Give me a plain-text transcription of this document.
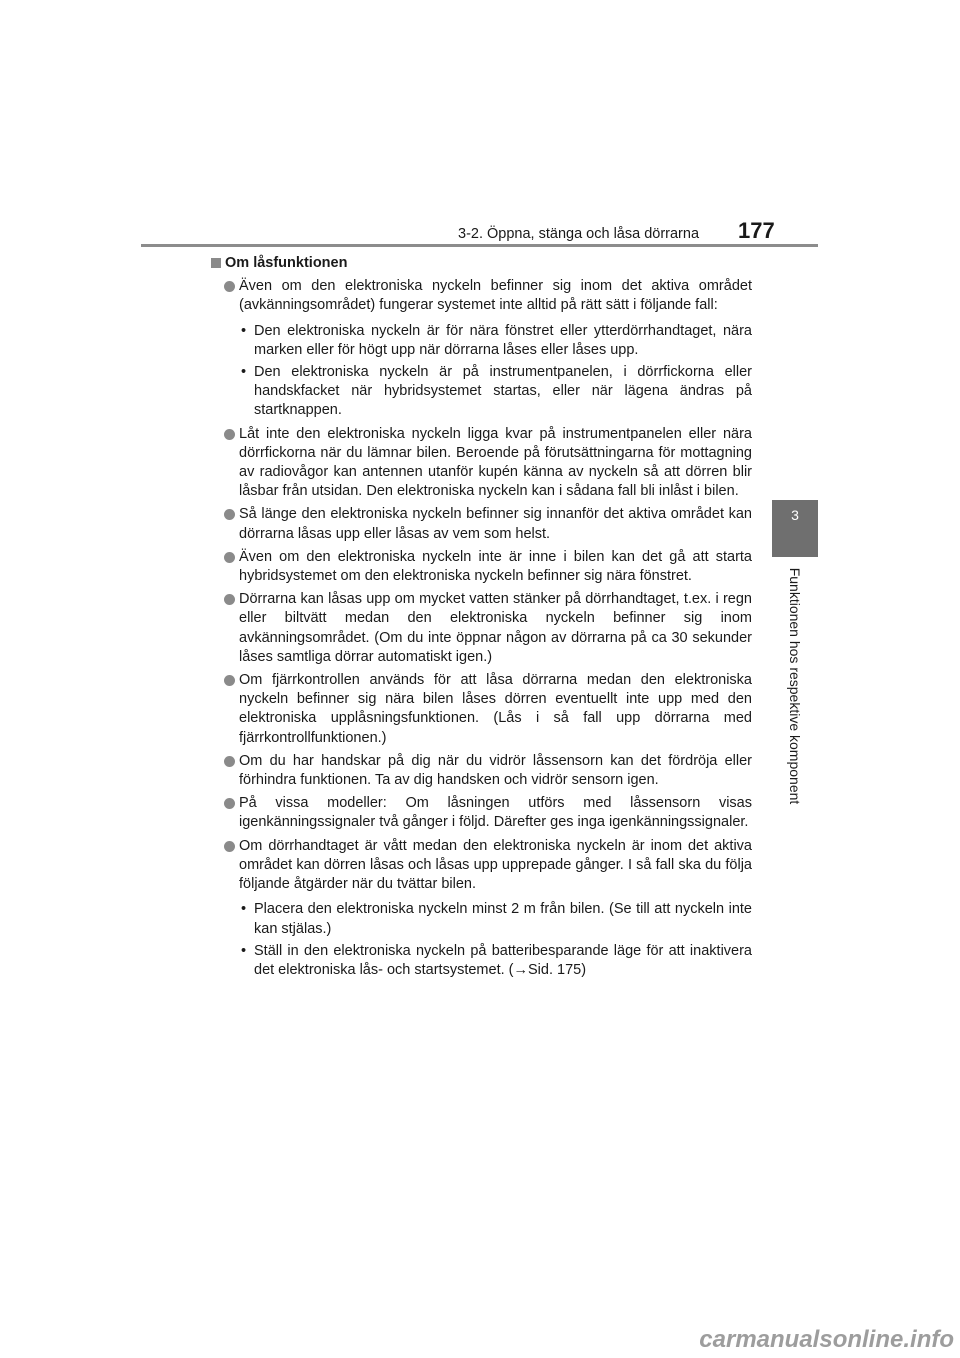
3-2. Öppna, stänga och låsa dörrarna 177
3
Funktionen hos respektive komponent
Om låsfunktionen
Även om den elektroniska nyckeln befinner sig inom det aktiva området (avkänningsområdet) fungerar systemet inte alltid på rätt sätt i följande fall:
• Den elektroniska nyckeln är för nära fönstret eller ytterdörrhandtaget, nära marken eller för högt upp när dörrarna låses eller låses upp.
• Den elektroniska nyckeln är på instrumentpanelen, i dörrfickorna eller handskfacket när hybridsystemet startas, eller när lägena ändras på startknappen.
Låt inte den elektroniska nyckeln ligga kvar på instrumentpanelen eller nära dörrfickorna när du lämnar bilen. Beroende på förutsättningarna för mottagning av radiovågor kan antennen utanför kupén känna av nyckeln så att dörren blir låsbar från utsidan. Den elektroniska nyckeln kan i sådana fall bli inlåst i bilen.
Så länge den elektroniska nyckeln befinner sig innanför det aktiva området kan dörrarna låsas upp eller låsas av vem som helst.
Även om den elektroniska nyckeln inte är inne i bilen kan det gå att starta hybridsystemet om den elektroniska nyckeln befinner sig nära fönstret.
Dörrarna kan låsas upp om mycket vatten stänker på dörrhandtaget, t.ex. i regn eller biltvätt medan den elektroniska nyckeln befinner sig inom avkänningsområdet. (Om du inte öppnar någon av dörrarna på ca 30 sekunder låses samtliga dörrar automatiskt igen.)
Om fjärrkontrollen används för att låsa dörrarna medan den elektroniska nyckeln befinner sig nära bilen låses dörren eventuellt inte upp med den elektroniska upplåsningsfunktionen. (Lås i så fall upp dörrarna med fjärrkontrollfunktionen.)
Om du har handskar på dig när du vidrör låssensorn kan det fördröja eller förhindra funktionen. Ta av dig handsken och vidrör sensorn igen.
På vissa modeller: Om låsningen utförs med låssensorn visas igenkänningssignaler två gånger i följd. Därefter ges inga igenkänningssignaler.
Om dörrhandtaget är vått medan den elektroniska nyckeln är inom det aktiva området kan dörren låsas och låsas upp upprepade gånger. I så fall ska du följa följande åtgärder när du tvättar bilen.
• Placera den elektroniska nyckeln minst 2 m från bilen. (Se till att nyckeln inte kan stjälas.)
• Ställ in den elektroniska nyckeln på batteribesparande läge för att inaktivera det elektroniska lås- och startsystemet. (→Sid. 175)
carmanualsonline.info
